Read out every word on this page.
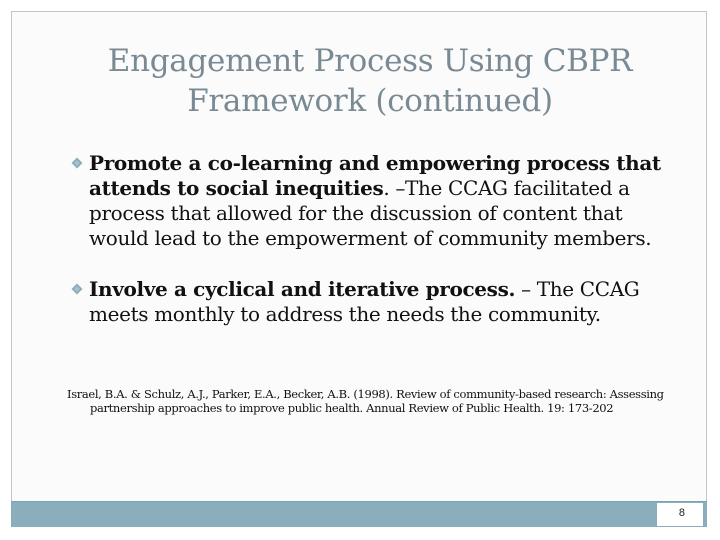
Engagement Process Using CBPR Framework (continued)
Promote a co-learning and empowering process that attends to social inequities. –The CCAG facilitated a process that allowed for the discussion of content that would lead to the empowerment of community members.
Involve a cyclical and iterative process. – The CCAG meets monthly to address the needs the community.

Israel, B.A. & Schulz, A.J., Parker, E.A., Becker, A.B. (1998). Review of community-based research: Assessing partnership approaches to improve public health. Annual Review of Public Health. 19: 173-202

8
